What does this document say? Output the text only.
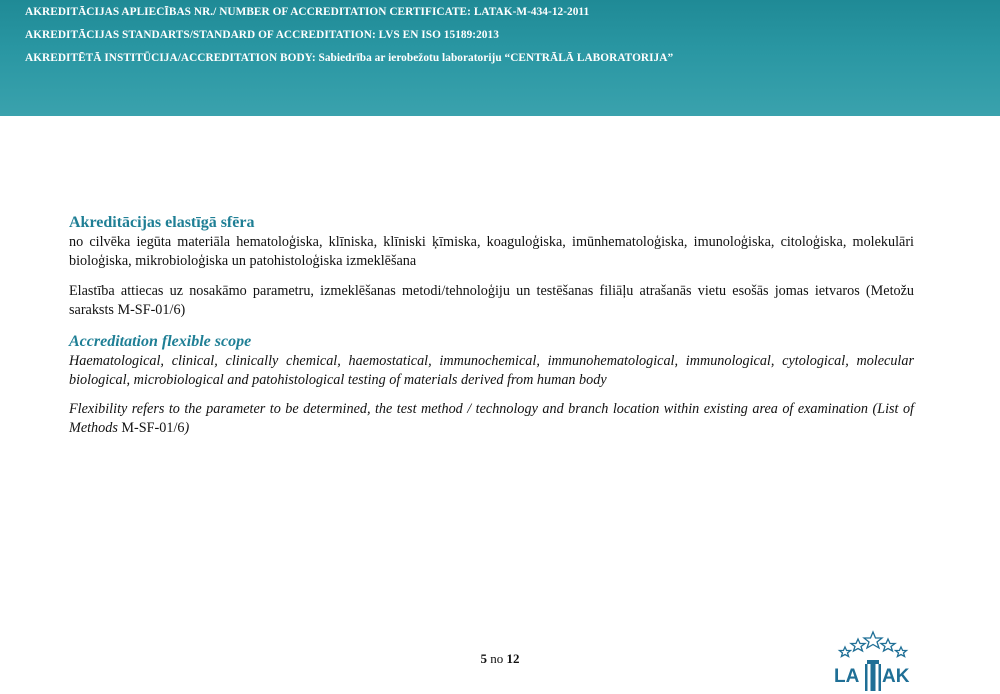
AKREDITĀCIJAS APLIECĪBAS NR./ NUMBER OF ACCREDITATION CERTIFICATE: LATAK-M-434-12-2011
AKREDITĀCIJAS STANDARTS/STANDARD OF ACCREDITATION: LVS EN ISO 15189:2013
AKREDITĒTĀ INSTITŪCIJA/ACCREDITATION BODY: Sabiedrība ar ierobežotu laboratoriju “CENTRĀLĀ LABORATORIJA”

Akreditācijas elastīgā sfēra

no cilvēka iegūta materiāla hematoloģiska, klīniska, klīniski ķīmiska, koaguloģiska, imūnhematoloģiska, imunoloģiska, citoloģiska, molekulāri bioloģiska, mikrobioloģiska un patohistoloģiska izmeklēšana

Elastība attiecas uz nosakāmo parametru, izmeklēšanas metodi/tehnoloģiju un testēšanas filiāļu atrašanās vietu esošās jomas ietvaros (Metožu saraksts M-SF-01/6)

Accreditation flexible scope

Haematological, clinical, clinically chemical, haemostatical, immunochemical, immunohematological, immunological, cytological, molecular biological, microbiological and patohistological testing of materials derived from human body

Flexibility refers to the parameter to be determined, the test method / technology and branch location within existing area of examination (List of Methods M-SF-01/6)

5 no 12
LA AK
